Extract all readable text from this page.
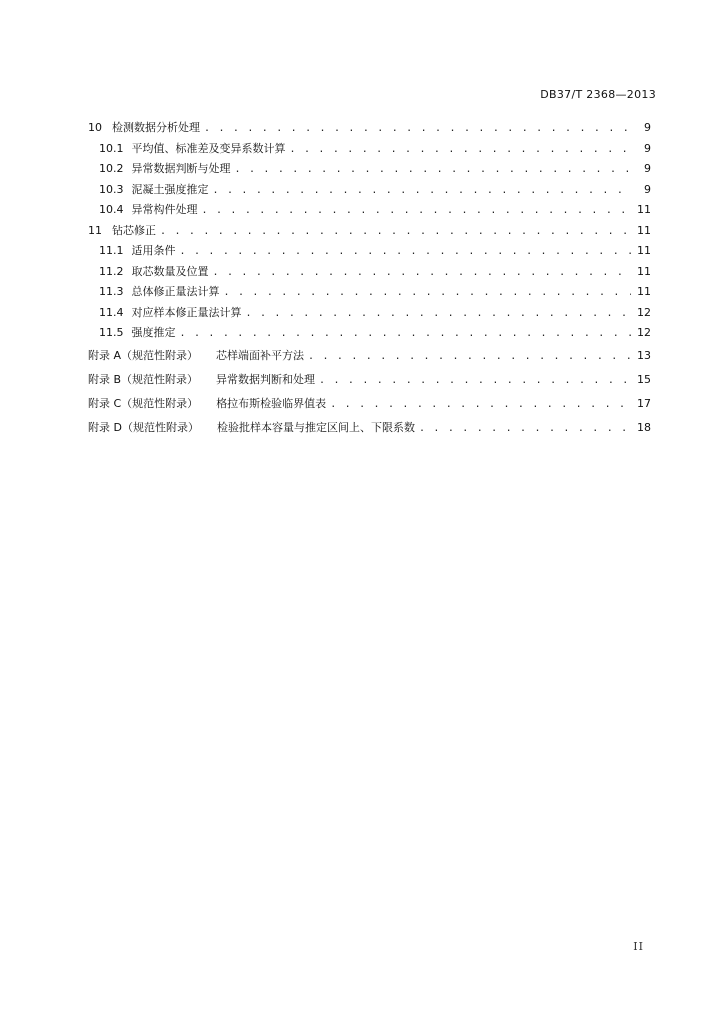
DB37/T 2368—2013
10 检测数据分析处理 . . .	9
10.1 平均值、标准差及变异系数计算 . . .	9
10.2 异常数据判断与处理 . . .	9
10.3 泥凝土强度推定 . . .	9
10.4 异常构件处理 . . .	11
11 钻芯修正 . . .	11
11.1 适用条件 . . .	11
11.2 取芯数量及位置 . . .	11
11.3 总体修正量法计算 . . .	11
11.4 对应样本修正量法计算 . . .	12
11.5 强度推定 . . .	12
附录 A（规范性附录） 芯样端面补平方法 . . .	13
附录 B（规范性附录） 异常数据判断和处理 . . .	15
附录 C（规范性附录） 格拉布斯检验临界值表 . . .	17
附录 D（规范性附录） 检验批样本容量与推定区间上、下限系数 . . .	18
II
